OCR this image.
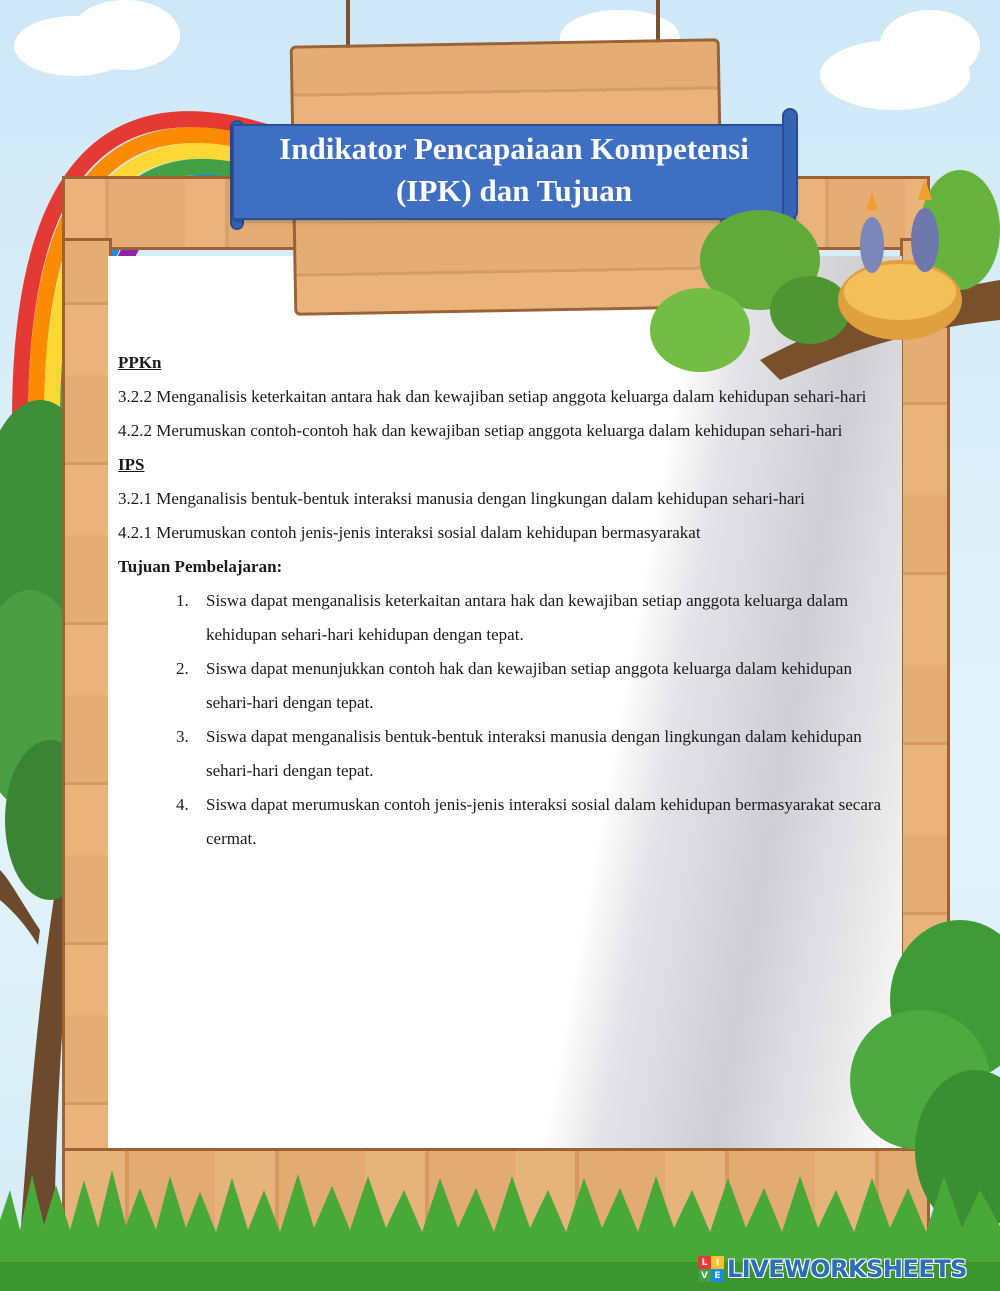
Indikator Pencapaiaan Kompetensi
(IPK) dan Tujuan

PPKn

3.2.2 Menganalisis keterkaitan antara hak dan kewajiban setiap anggota keluarga dalam kehidupan sehari-hari

4.2.2 Merumuskan contoh-contoh hak dan kewajiban setiap anggota keluarga dalam kehidupan sehari-hari

IPS

3.2.1 Menganalisis bentuk-bentuk interaksi manusia dengan lingkungan dalam kehidupan sehari-hari

4.2.1 Merumuskan contoh jenis-jenis interaksi sosial dalam kehidupan bermasyarakat

Tujuan Pembelajaran:

1. Siswa dapat menganalisis keterkaitan antara hak dan kewajiban setiap anggota keluarga dalam kehidupan sehari-hari kehidupan dengan tepat.
2. Siswa dapat menunjukkan contoh hak dan kewajiban setiap anggota keluarga dalam kehidupan sehari-hari dengan tepat.
3. Siswa dapat menganalisis bentuk-bentuk interaksi manusia dengan lingkungan dalam kehidupan sehari-hari dengan tepat.
4. Siswa dapat merumuskan contoh jenis-jenis interaksi sosial dalam kehidupan bermasyarakat secara cermat.
L I
V E LIVEWORKSHEETS
